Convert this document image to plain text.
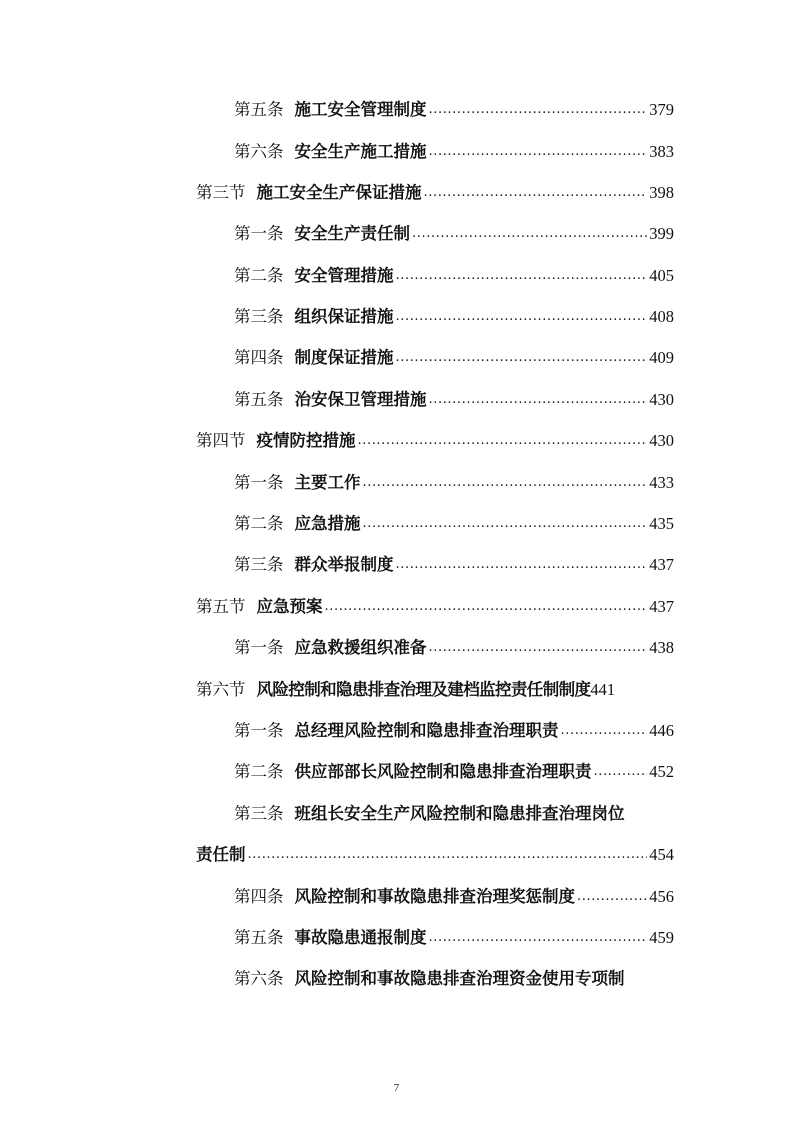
第五条 施工安全管理制度 .....	379
第六条 安全生产施工措施 .....	383
第三节 施工安全生产保证措施 .....	398
第一条 安全生产责任制 .....	399
第二条 安全管理措施 .....	405
第三条 组织保证措施 .....	408
第四条 制度保证措施 .....	409
第五条 治安保卫管理措施 .....	430
第四节 疫情防控措施 .....	430
第一条 主要工作 .....	433
第二条 应急措施 .....	435
第三条 群众举报制度 .....	437
第五节 应急预案 .....	437
第一条 应急救援组织准备 .....	438
第六节 风险控制和隐患排查治理及建档监控责任制制度 441
第一条 总经理风险控制和隐患排查治理职责 .....	446
第二条 供应部部长风险控制和隐患排查治理职责 .....	452
第三条 班组长安全生产风险控制和隐患排查治理岗位
责任制 .....	454
第四条 风险控制和事故隐患排查治理奖惩制度 .....	456
第五条 事故隐患通报制度 .....	459
第六条 风险控制和事故隐患排查治理资金使用专项制
7
